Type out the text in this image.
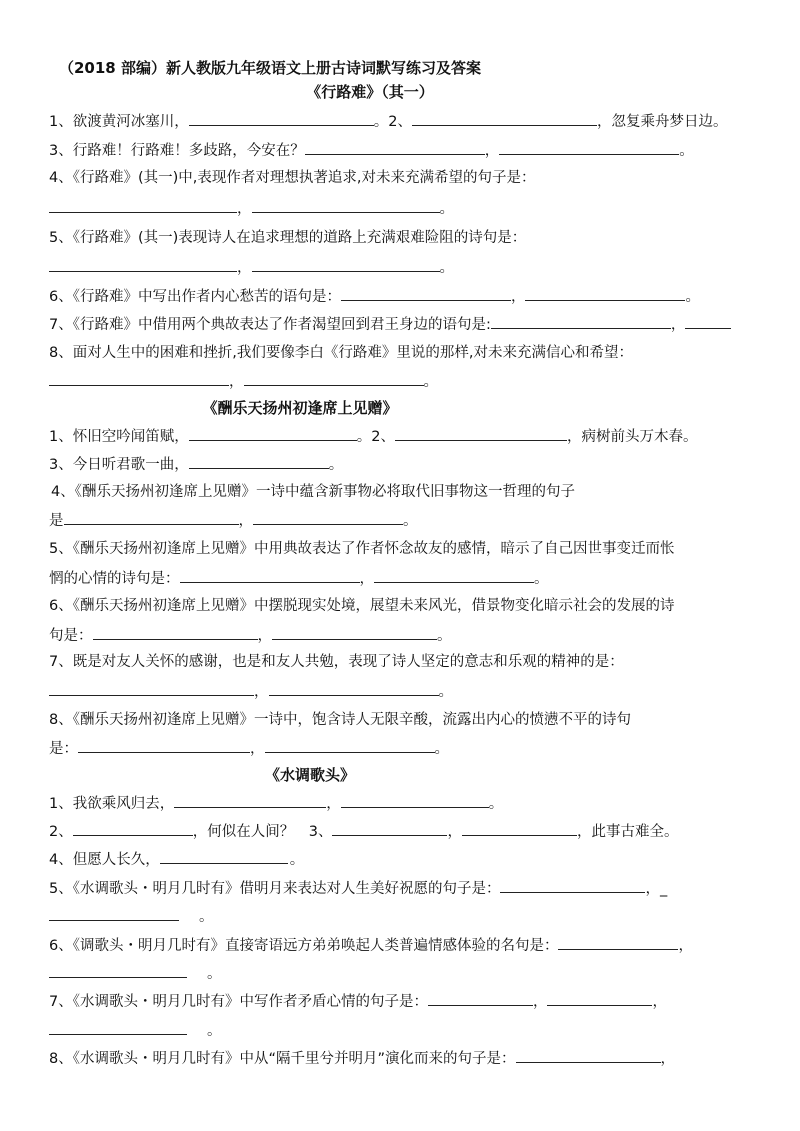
（2018 部编）新人教版九年级语文上册古诗词默写练习及答案
《行路难》（其一）
1、欲渡黄河冰塞川，	。2、	，忽复乘舟梦日边。
3、行路难！行路难！多歧路，今安在？	，	。
4、《行路难》(其一)中,表现作者对理想执著追求,对未来充满希望的句子是：
，	。
5、《行路难》(其一)表现诗人在追求理想的道路上充满艰难险阻的诗句是：
，	。
6、《行路难》中写出作者内心愁苦的语句是：	，	。
7、《行路难》中借用两个典故表达了作者渴望回到君王身边的语句是:	，
8、面对人生中的困难和挫折,我们要像李白《行路难》里说的那样,对未来充满信心和希望：
，	。
《酬乐天扬州初逢席上见赠》
1、怀旧空吟闻笛赋，	。2、	，病树前头万木春。
3、今日听君歌一曲，	。
4、《酬乐天扬州初逢席上见赠》一诗中蕴含新事物必将取代旧事物这一哲理的句子
是	，	。
5、《酬乐天扬州初逢席上见赠》中用典故表达了作者怀念故友的感情，暗示了自己因世事变迁而怅
惘的心情的诗句是：	，	。
6、《酬乐天扬州初逢席上见赠》中摆脱现实处境，展望未来风光，借景物变化暗示社会的发展的诗
句是：	，	。
7、既是对友人关怀的感谢，也是和友人共勉，表现了诗人坚定的意志和乐观的精神的是：
，	。
8、《酬乐天扬州初逢席上见赠》一诗中，饱含诗人无限辛酸，流露出内心的愤懑不平的诗句
是：	，	。
《水调歌头》
1、我欲乘风归去，	，	。
2、	，何似在人间？　3、	，	，此事古难全。
4、但愿人长久，	。
5、《水调歌头・明月几时有》借明月来表达对人生美好祝愿的句子是：	，_
。
6、《调歌头・明月几时有》直接寄语远方弟弟唤起人类普遍情感体验的名句是：	，
。
7、《水调歌头・明月几时有》中写作者矛盾心情的句子是：	，	，
。
8、《水调歌头・明月几时有》中从“隔千里兮并明月”演化而来的句子是：	，
